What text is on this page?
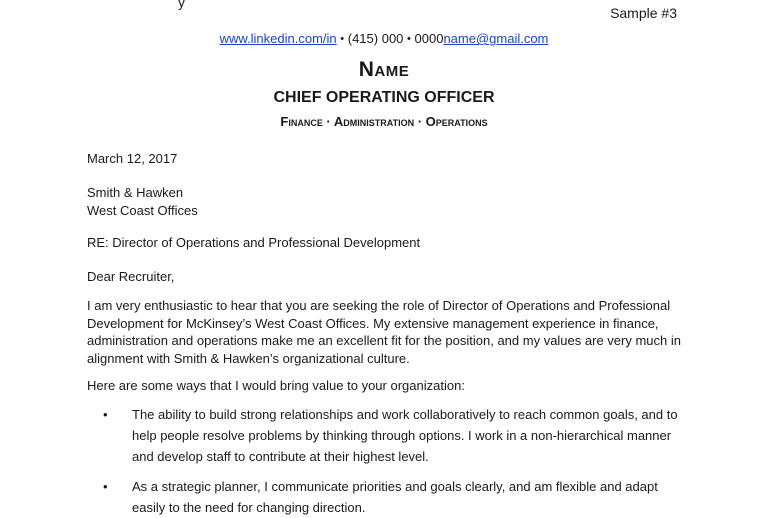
y
Sample #3
www.linkedin.com/in • (415) 000 • 0000name@gmail.com
Name
CHIEF OPERATING OFFICER
Finance · Administration · Operations
March 12, 2017
Smith & Hawken
West Coast Offices
RE: Director of Operations and Professional Development
Dear Recruiter,
I am very enthusiastic to hear that you are seeking the role of Director of Operations and Professional Development for McKinsey’s West Coast Offices. My extensive management experience in finance, administration and operations make me an excellent fit for the position, and my values are very much in alignment with Smith & Hawken’s organizational culture.
Here are some ways that I would bring value to your organization:
• The ability to build strong relationships and work collaboratively to reach common goals, and to help people resolve problems by thinking through options. I work in a non-hierarchical manner and develop staff to contribute at their highest level.
• As a strategic planner, I communicate priorities and goals clearly, and am flexible and adapt easily to the need for changing direction.
